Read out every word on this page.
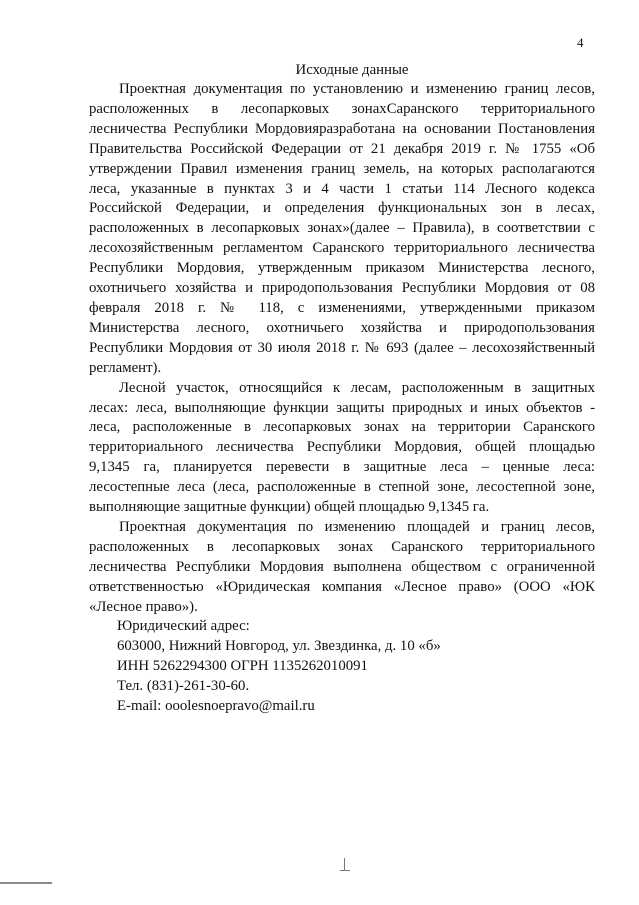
4

Исходные данные

Проектная документация по установлению и изменению границ лесов,
расположенных в лесопарковых зонахСаранского территориального
лесничества Республики Мордовияразработана на основании Постановления
Правительства Российской Федерации от 21 декабря 2019 г. № 1755 «Об
утверждении Правил изменения границ земель, на которых располагаются
леса, указанные в пунктах 3 и 4 части 1 статьи 114 Лесного кодекса
Российской Федерации, и определения функциональных зон в лесах,
расположенных в лесопарковых зонах»(далее – Правила), в соответствии с
лесохозяйственным регламентом Саранского территориального лесничества
Республики Мордовия, утвержденным приказом Министерства лесного,
охотничьего хозяйства и природопользования Республики Мордовия от 08
февраля 2018 г. № 118, с изменениями, утвержденными приказом
Министерства лесного, охотничьего хозяйства и природопользования
Республики Мордовия от 30 июля 2018 г. № 693 (далее – лесохозяйственный
регламент).

Лесной участок, относящийся к лесам, расположенным в защитных
лесах: леса, выполняющие функции защиты природных и иных объектов -
леса, расположенные в лесопарковых зонах на территории Саранского
территориального лесничества Республики Мордовия, общей площадью
9,1345 га, планируется перевести в защитные леса – ценные леса:
лесостепные леса (леса, расположенные в степной зоне, лесостепной зоне,
выполняющие защитные функции) общей площадью 9,1345 га.

Проектная документация по изменению площадей и границ лесов,
расположенных в лесопарковых зонах Саранского территориального
лесничества Республики Мордовия выполнена обществом с ограниченной
ответственностью «Юридическая компания «Лесное право» (ООО «ЮК
«Лесное право»).

Юридический адрес:
603000, Нижний Новгород, ул. Звездинка, д. 10 «б»
ИНН 5262294300 ОГРН 1135262010091
Тел. (831)-261-30-60.
E-mail: ooolesnoepravo@mail.ru
